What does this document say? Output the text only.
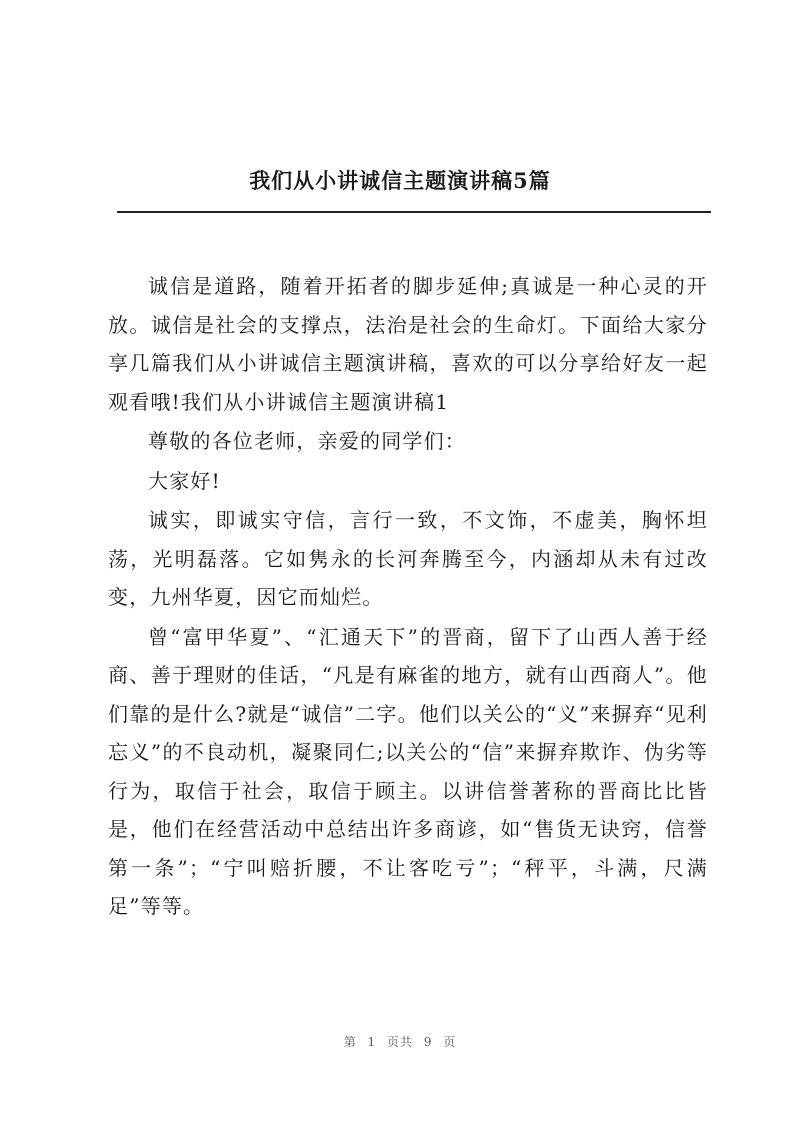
我们从小讲诚信主题演讲稿5篇

诚信是道路，随着开拓者的脚步延伸;真诚是一种心灵的开放。诚信是社会的支撑点，法治是社会的生命灯。下面给大家分享几篇我们从小讲诚信主题演讲稿，喜欢的可以分享给好友一起观看哦!我们从小讲诚信主题演讲稿1

尊敬的各位老师，亲爱的同学们：

大家好!

诚实，即诚实守信，言行一致，不文饰，不虚美，胸怀坦荡，光明磊落。它如隽永的长河奔腾至今，内涵却从未有过改变，九州华夏，因它而灿烂。

曾“富甲华夏”、“汇通天下”的晋商，留下了山西人善于经商、善于理财的佳话，“凡是有麻雀的地方，就有山西商人”。他们靠的是什么?就是“诚信”二字。他们以关公的“义”来摒弃“见利忘义”的不良动机，凝聚同仁;以关公的“信”来摒弃欺诈、伪劣等行为，取信于社会，取信于顾主。以讲信誉著称的晋商比比皆是，他们在经营活动中总结出许多商谚，如“售货无诀窍，信誉第一条”；“宁叫赔折腰，不让客吃亏”；“秤平，斗满，尺满足”等等。

第 1 页共 9 页
